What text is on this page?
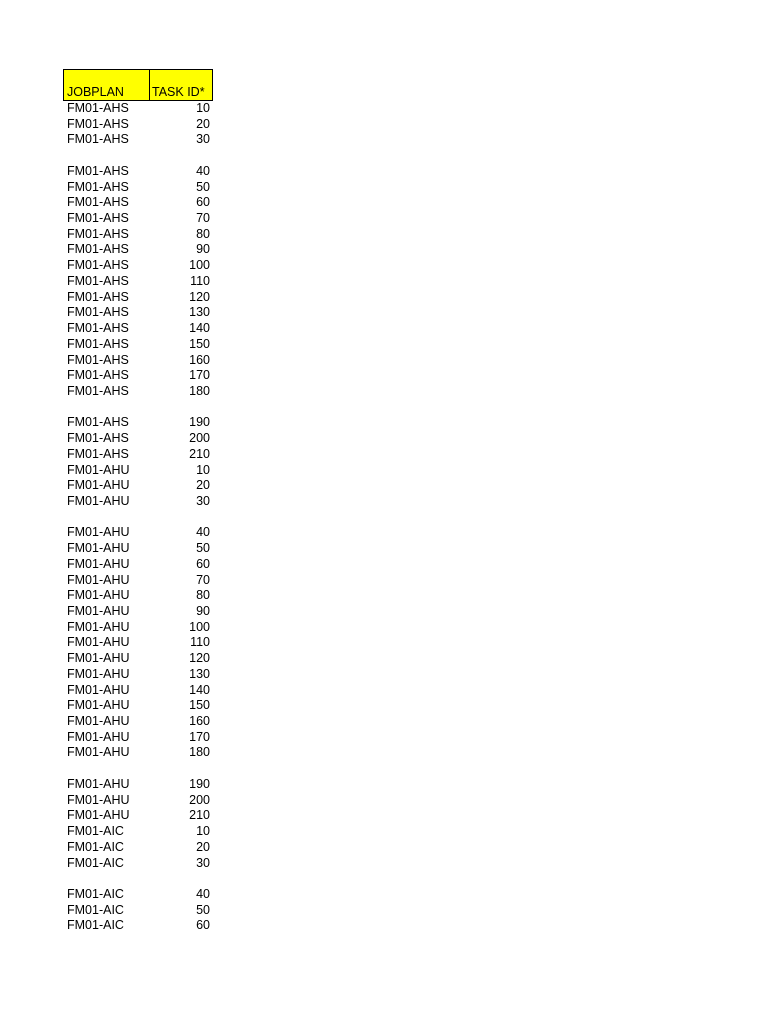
JOBPLAN	TASK ID*
FM01-AHS	10
FM01-AHS	20
FM01-AHS	30
FM01-AHS	40
FM01-AHS	50
FM01-AHS	60
FM01-AHS	70
FM01-AHS	80
FM01-AHS	90
FM01-AHS	100
FM01-AHS	110
FM01-AHS	120
FM01-AHS	130
FM01-AHS	140
FM01-AHS	150
FM01-AHS	160
FM01-AHS	170
FM01-AHS	180
FM01-AHS	190
FM01-AHS	200
FM01-AHS	210
FM01-AHU	10
FM01-AHU	20
FM01-AHU	30
FM01-AHU	40
FM01-AHU	50
FM01-AHU	60
FM01-AHU	70
FM01-AHU	80
FM01-AHU	90
FM01-AHU	100
FM01-AHU	110
FM01-AHU	120
FM01-AHU	130
FM01-AHU	140
FM01-AHU	150
FM01-AHU	160
FM01-AHU	170
FM01-AHU	180
FM01-AHU	190
FM01-AHU	200
FM01-AHU	210
FM01-AIC	10
FM01-AIC	20
FM01-AIC	30
FM01-AIC	40
FM01-AIC	50
FM01-AIC	60
